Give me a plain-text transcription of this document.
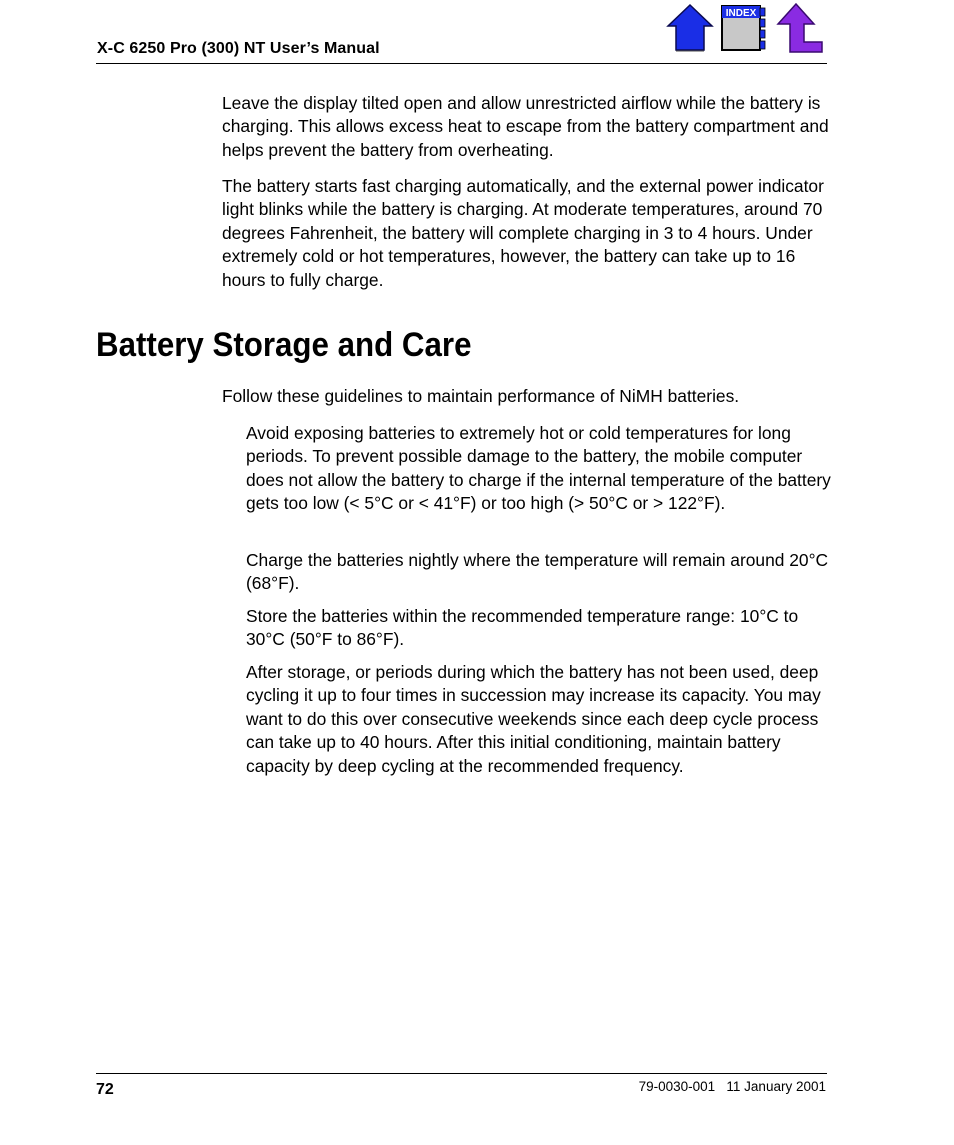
X-C 6250 Pro (300) NT User’s Manual
INDEX
Leave the display tilted open and allow unrestricted airflow while the battery is charging. This allows excess heat to escape from the battery compartment and helps prevent the battery from overheating.
The battery starts fast charging automatically, and the external power indicator light blinks while the battery is charging. At moderate temperatures, around 70 degrees Fahrenheit, the battery will complete charging in 3 to 4 hours. Under extremely cold or hot temperatures, however, the battery can take up to 16 hours to fully charge.
Battery Storage and Care
Follow these guidelines to maintain performance of NiMH batteries.
Avoid exposing batteries to extremely hot or cold temperatures for long periods. To prevent possible damage to the battery, the mobile computer does not allow the battery to charge if the internal temperature of the battery gets too low (< 5°C or < 41°F) or too high (> 50°C or > 122°F).
Charge the batteries nightly where the temperature will remain around 20°C (68°F).
Store the batteries within the recommended temperature range: 10°C to 30°C (50°F to 86°F).
After storage, or periods during which the battery has not been used, deep cycling it up to four times in succession may increase its capacity. You may want to do this over consecutive weekends since each deep cycle process can take up to 40 hours. After this initial conditioning, maintain battery capacity by deep cycling at the recommended frequency.
72	79-0030-001   11 January 2001
